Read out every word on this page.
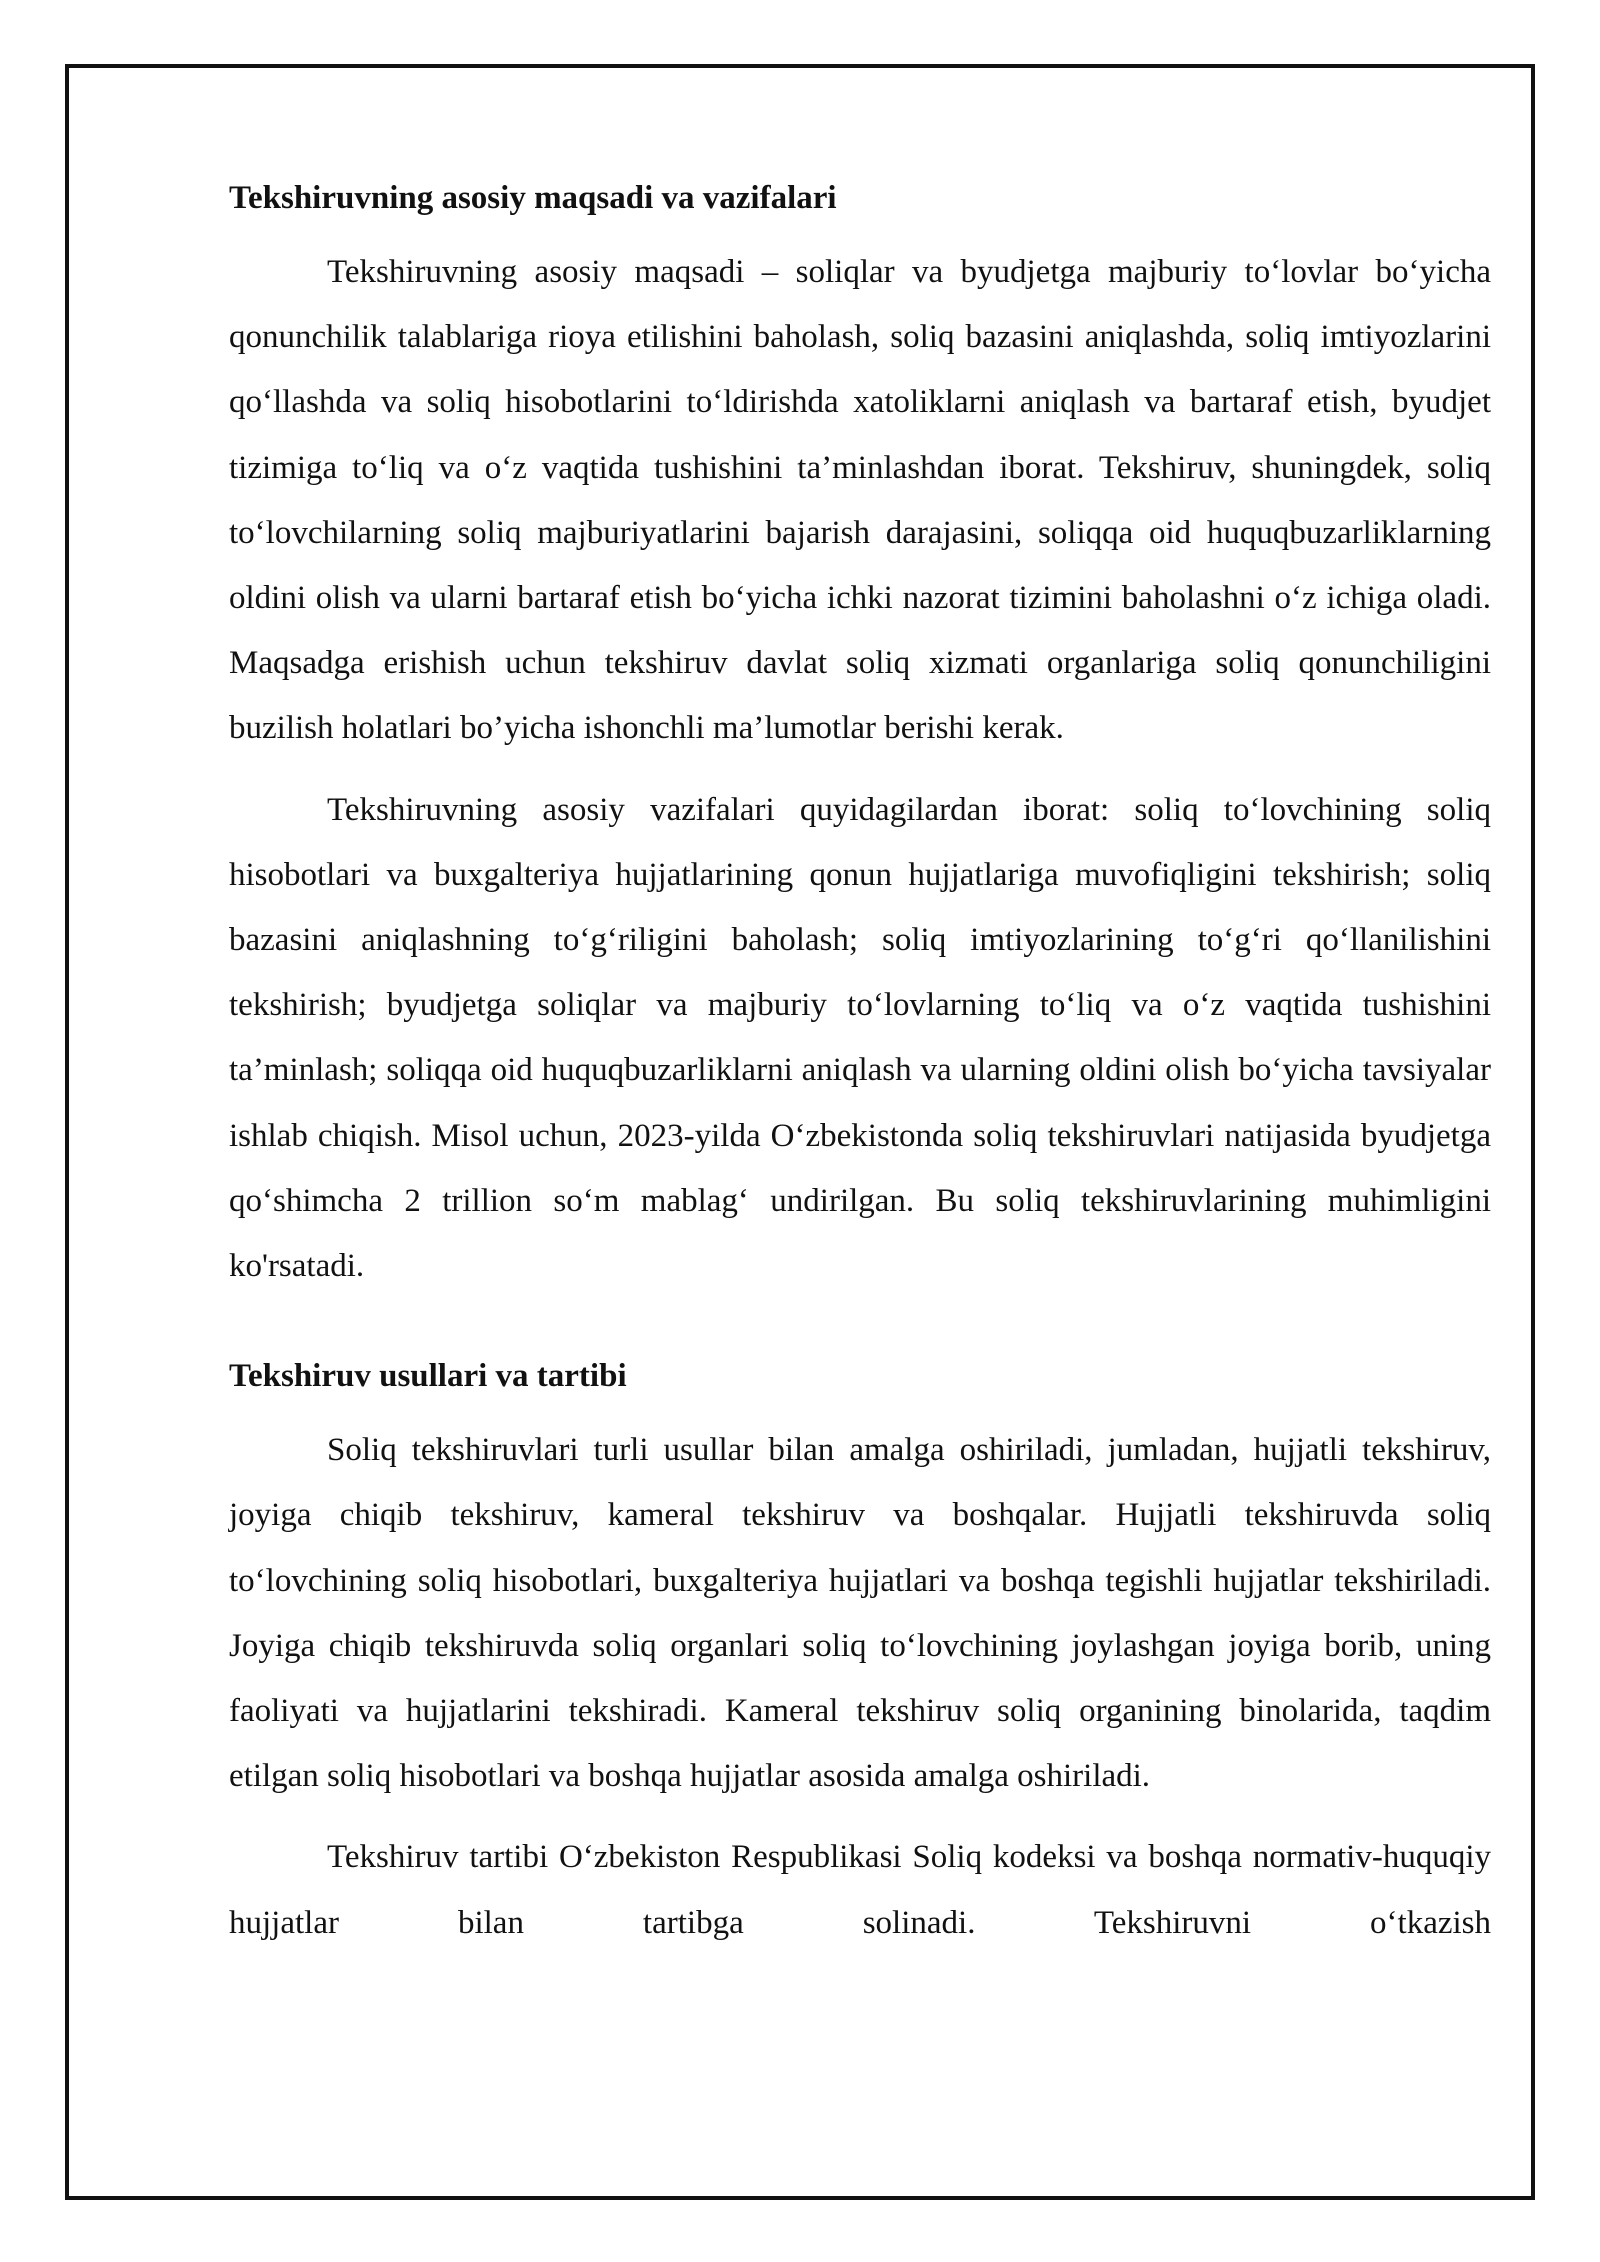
Tekshiruvning asosiy maqsadi va vazifalari

Tekshiruvning asosiy maqsadi – soliqlar va byudjetga majburiy to‘lovlar bo‘yicha qonunchilik talablariga rioya etilishini baholash, soliq bazasini aniqlashda, soliq imtiyozlarini qo‘llashda va soliq hisobotlarini to‘ldirishda xatoliklarni aniqlash va bartaraf etish, byudjet tizimiga to‘liq va o‘z vaqtida tushishini ta’minlashdan iborat. Tekshiruv, shuningdek, soliq to‘lovchilarning soliq majburiyatlarini bajarish darajasini, soliqqa oid huquqbuzarliklarning oldini olish va ularni bartaraf etish bo‘yicha ichki nazorat tizimini baholashni o‘z ichiga oladi. Maqsadga erishish uchun tekshiruv davlat soliq xizmati organlariga soliq qonunchiligini buzilish holatlari bo’yicha ishonchli ma’lumotlar berishi kerak.

Tekshiruvning asosiy vazifalari quyidagilardan iborat: soliq to‘lovchining soliq hisobotlari va buxgalteriya hujjatlarining qonun hujjatlariga muvofiqligini tekshirish; soliq bazasini aniqlashning to‘g‘riligini baholash; soliq imtiyozlarining to‘g‘ri qo‘llanilishini tekshirish; byudjetga soliqlar va majburiy to‘lovlarning to‘liq va o‘z vaqtida tushishini ta’minlash; soliqqa oid huquqbuzarliklarni aniqlash va ularning oldini olish bo‘yicha tavsiyalar ishlab chiqish. Misol uchun, 2023-yilda O‘zbekistonda soliq tekshiruvlari natijasida byudjetga qo‘shimcha 2 trillion so‘m mablag‘ undirilgan. Bu soliq tekshiruvlarining muhimligini ko'rsatadi.

Tekshiruv usullari va tartibi

Soliq tekshiruvlari turli usullar bilan amalga oshiriladi, jumladan, hujjatli tekshiruv, joyiga chiqib tekshiruv, kameral tekshiruv va boshqalar. Hujjatli tekshiruvda soliq to‘lovchining soliq hisobotlari, buxgalteriya hujjatlari va boshqa tegishli hujjatlar tekshiriladi. Joyiga chiqib tekshiruvda soliq organlari soliq to‘lovchining joylashgan joyiga borib, uning faoliyati va hujjatlarini tekshiradi. Kameral tekshiruv soliq organining binolarida, taqdim etilgan soliq hisobotlari va boshqa hujjatlar asosida amalga oshiriladi.

Tekshiruv tartibi O‘zbekiston Respublikasi Soliq kodeksi va boshqa normativ-huquqiy hujjatlar bilan tartibga solinadi. Tekshiruvni o‘tkazish
